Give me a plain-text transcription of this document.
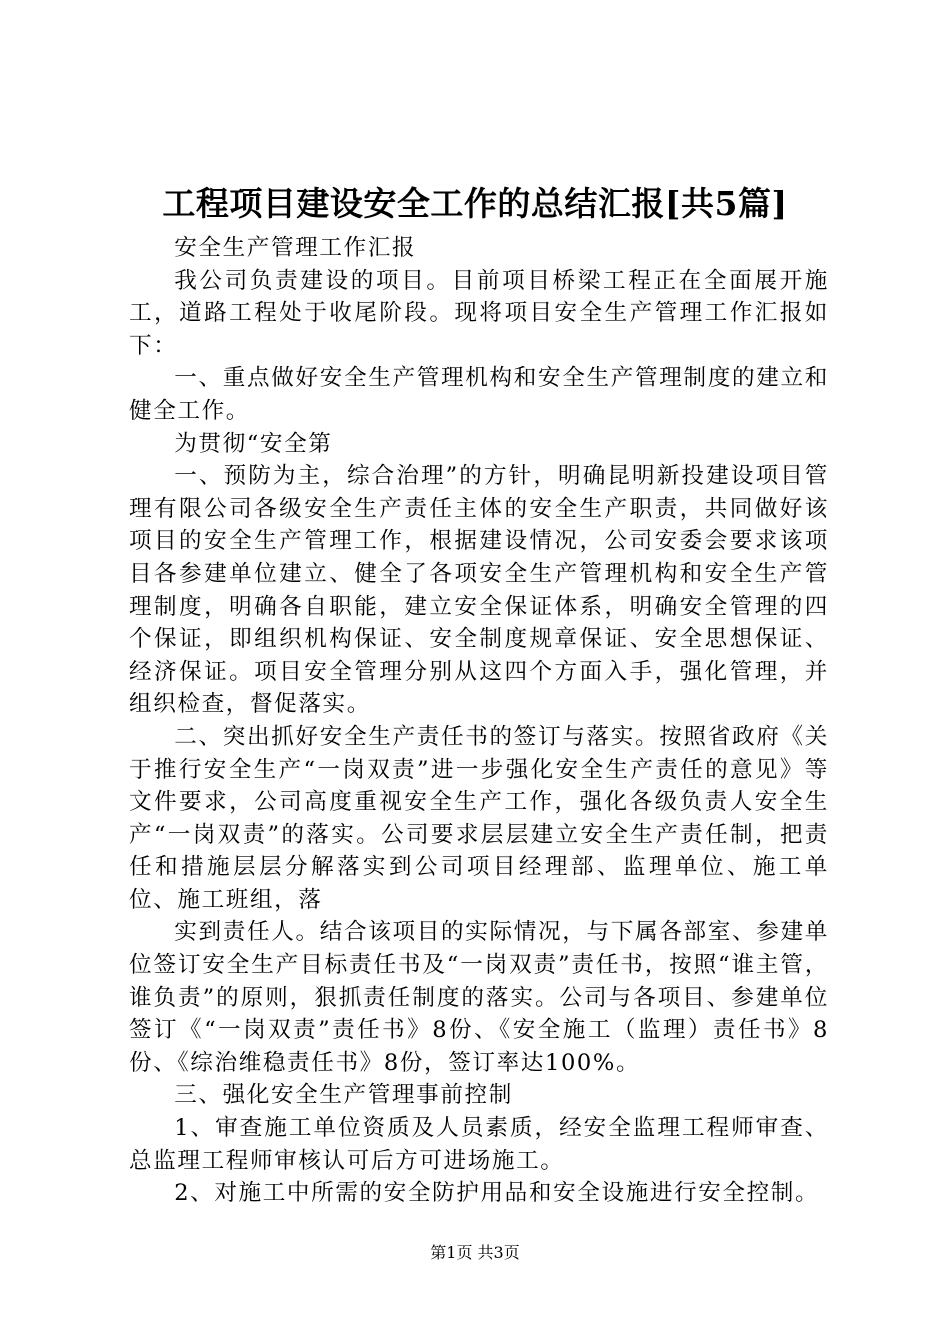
工程项目建设安全工作的总结汇报[共5篇]

安全生产管理工作汇报

我公司负责建设的项目。目前项目桥梁工程正在全面展开施工，道路工程处于收尾阶段。现将项目安全生产管理工作汇报如下：

一、重点做好安全生产管理机构和安全生产管理制度的建立和健全工作。

为贯彻“安全第

一、预防为主，综合治理”的方针，明确昆明新投建设项目管理有限公司各级安全生产责任主体的安全生产职责，共同做好该项目的安全生产管理工作，根据建设情况，公司安委会要求该项目各参建单位建立、健全了各项安全生产管理机构和安全生产管理制度，明确各自职能，建立安全保证体系，明确安全管理的四个保证，即组织机构保证、安全制度规章保证、安全思想保证、经济保证。项目安全管理分别从这四个方面入手，强化管理，并组织检查，督促落实。

二、突出抓好安全生产责任书的签订与落实。按照省政府《关于推行安全生产“一岗双责”进一步强化安全生产责任的意见》等文件要求，公司高度重视安全生产工作，强化各级负责人安全生产“一岗双责”的落实。公司要求层层建立安全生产责任制，把责任和措施层层分解落实到公司项目经理部、监理单位、施工单位、施工班组，落

实到责任人。结合该项目的实际情况，与下属各部室、参建单位签订安全生产目标责任书及“一岗双责”责任书，按照“谁主管，谁负责”的原则，狠抓责任制度的落实。公司与各项目、参建单位签订《“一岗双责”责任书》8份、《安全施工（监理）责任书》8份、《综治维稳责任书》8份，签订率达100%。

三、强化安全生产管理事前控制

1、审查施工单位资质及人员素质，经安全监理工程师审查、总监理工程师审核认可后方可进场施工。

2、对施工中所需的安全防护用品和安全设施进行安全控制。

第1页 共3页
